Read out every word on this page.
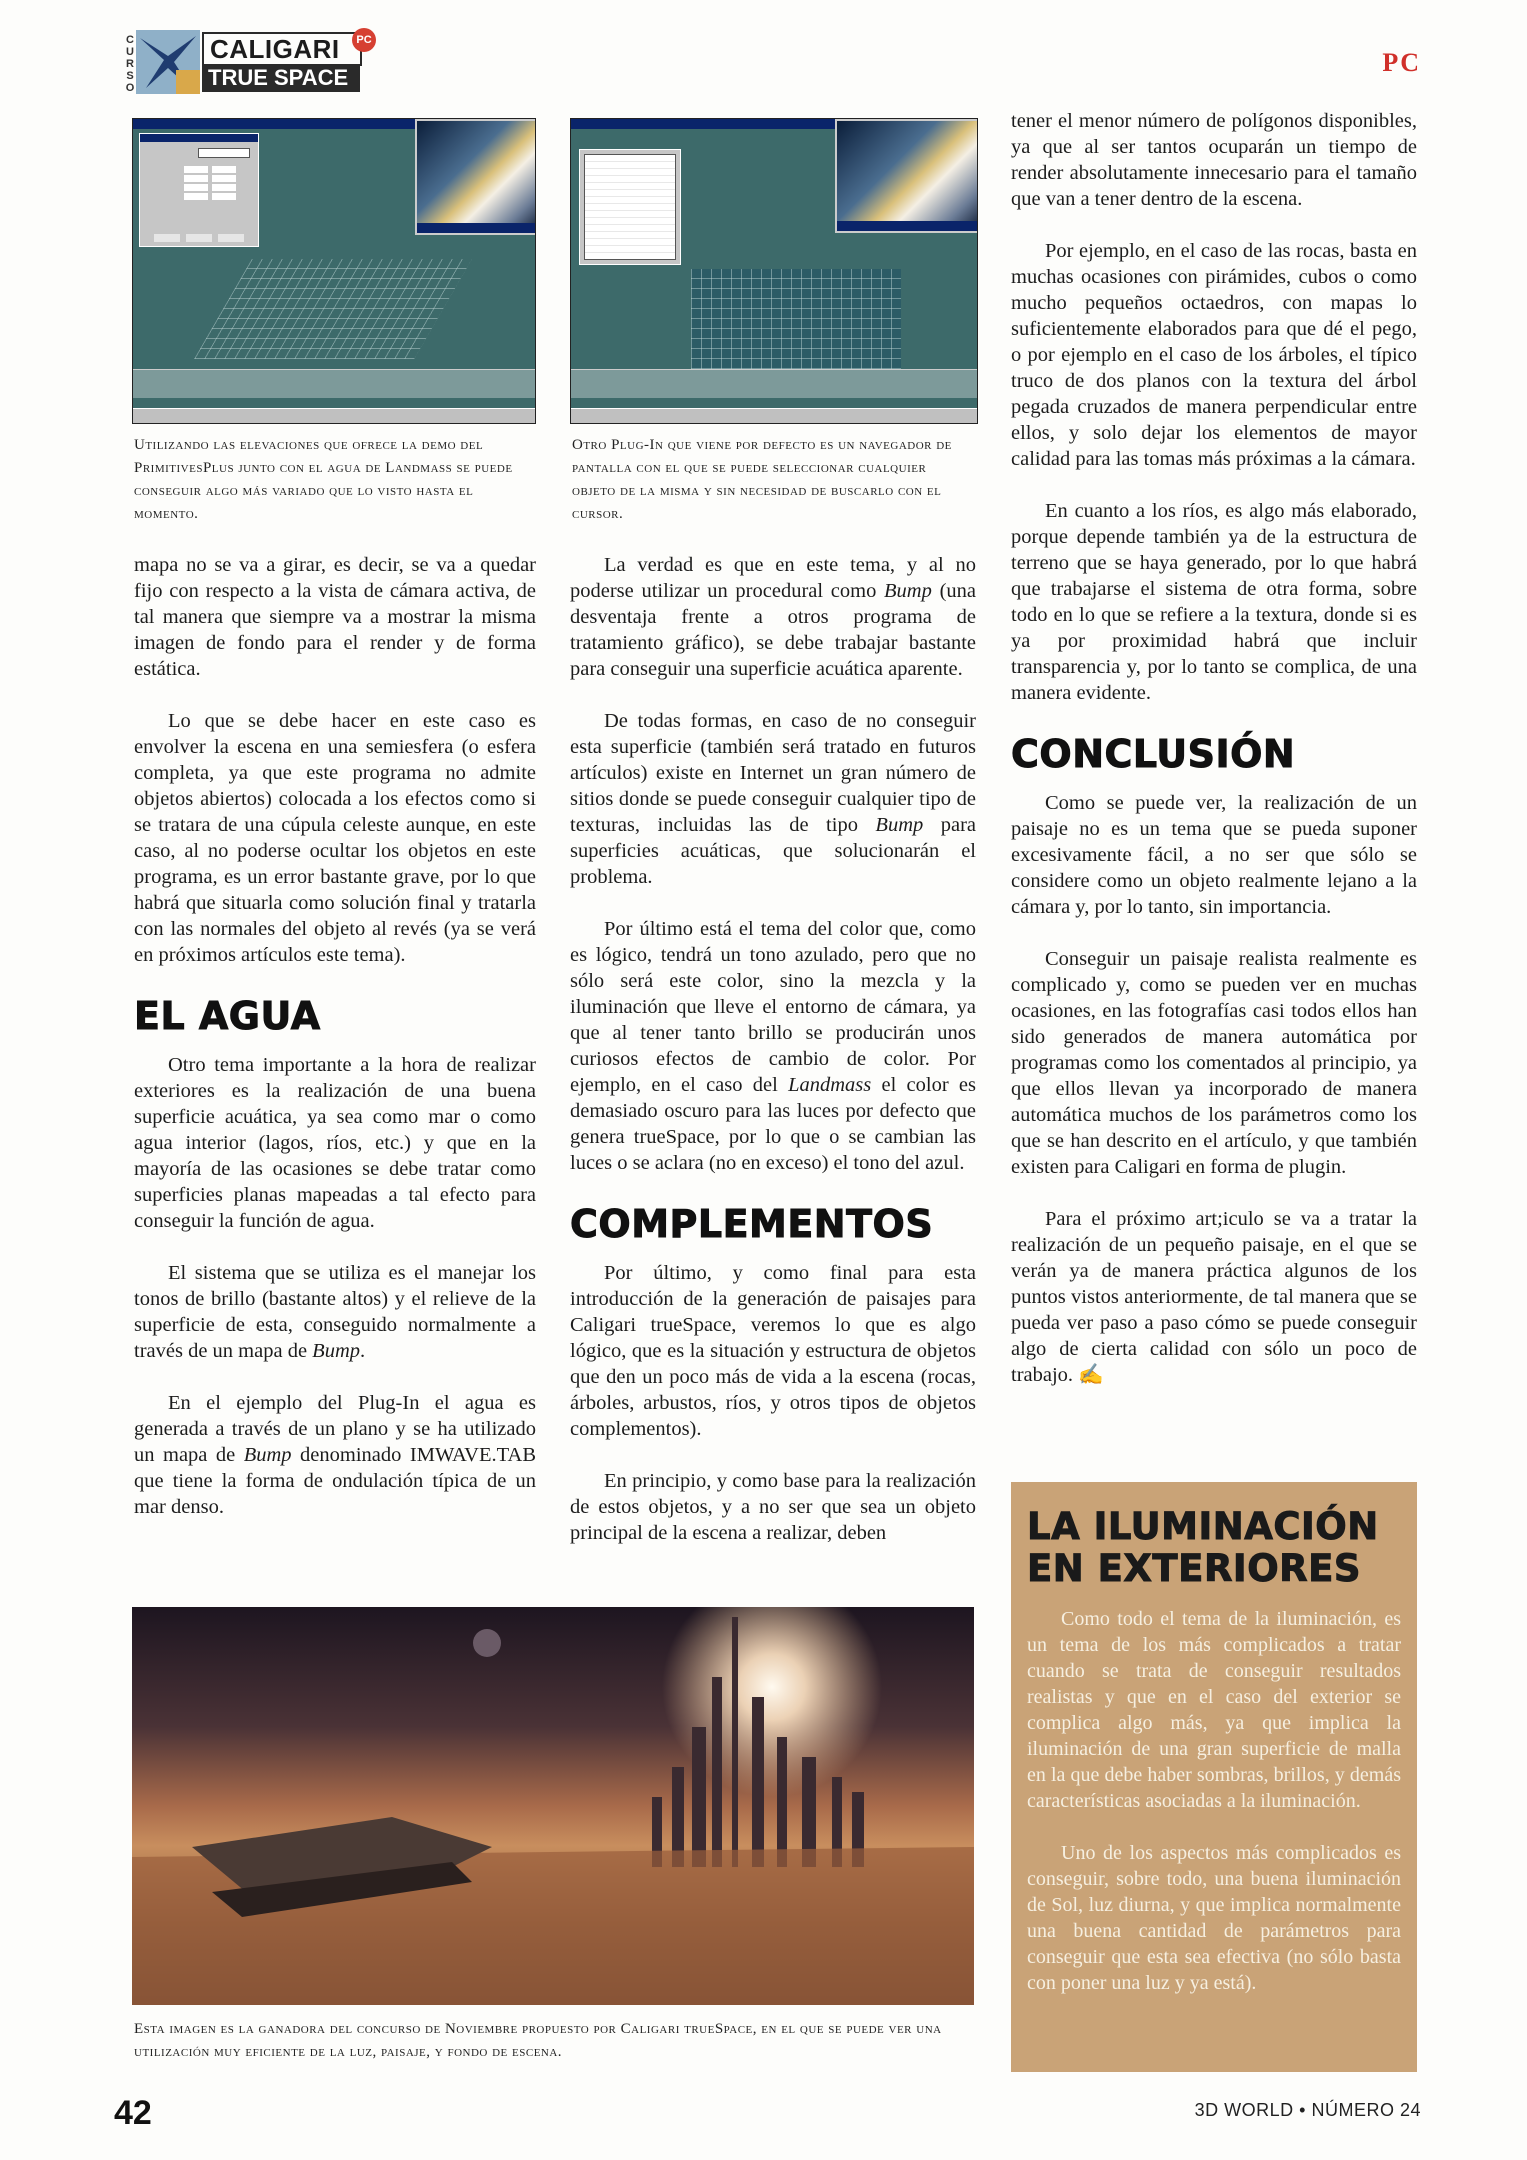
CURSO	CALIGARI
TRUE SPACE
PC
PC

Utilizando las elevaciones que ofrece la demo del PrimitivesPlus junto con el agua de Landmass se puede conseguir algo más variado que lo visto hasta el momento.

Otro Plug-In que viene por defecto es un navegador de pantalla con el que se puede seleccionar cualquier objeto de la misma y sin necesidad de buscarlo con el cursor.

mapa no se va a girar, es decir, se va a quedar fijo con respecto a la vista de cámara activa, de tal manera que siempre va a mostrar la misma imagen de fondo para el render y de forma estática.

Lo que se debe hacer en este caso es envolver la escena en una semiesfera (o esfera completa, ya que este programa no admite objetos abiertos) colocada a los efectos como si se tratara de una cúpula celeste aunque, en este caso, al no poderse ocultar los objetos en este programa, es un error bastante grave, por lo que habrá que situarla como solución final y tratarla con las normales del objeto al revés (ya se verá en próximos artículos este tema).

EL AGUA

Otro tema importante a la hora de realizar exteriores es la realización de una buena superficie acuática, ya sea como mar o como agua interior (lagos, ríos, etc.) y que en la mayoría de las ocasiones se debe tratar como superficies planas mapeadas a tal efecto para conseguir la función de agua.

El sistema que se utiliza es el manejar los tonos de brillo (bastante altos) y el relieve de la superficie de esta, conseguido normalmente a través de un mapa de Bump.

En el ejemplo del Plug-In el agua es generada a través de un plano y se ha utilizado un mapa de Bump denominado IMWAVE.TAB que tiene la forma de ondulación típica de un mar denso.

La verdad es que en este tema, y al no poderse utilizar un procedural como Bump (una desventaja frente a otros programa de tratamiento gráfico), se debe trabajar bastante para conseguir una superficie acuática aparente.

De todas formas, en caso de no conseguir esta superficie (también será tratado en futuros artículos) existe en Internet un gran número de sitios donde se puede conseguir cualquier tipo de texturas, incluidas las de tipo Bump para superficies acuáticas, que solucionarán el problema.

Por último está el tema del color que, como es lógico, tendrá un tono azulado, pero que no sólo será este color, sino la mezcla y la iluminación que lleve el entorno de cámara, ya que al tener tanto brillo se producirán unos curiosos efectos de cambio de color. Por ejemplo, en el caso del Landmass el color es demasiado oscuro para las luces por defecto que genera trueSpace, por lo que o se cambian las luces o se aclara (no en exceso) el tono del azul.

COMPLEMENTOS

Por último, y como final para esta introducción de la generación de paisajes para Caligari trueSpace, veremos lo que es algo lógico, que es la situación y estructura de objetos que den un poco más de vida a la escena (rocas, árboles, arbustos, ríos, y otros tipos de objetos complementos).

En principio, y como base para la realización de estos objetos, y a no ser que sea un objeto principal de la escena a realizar, deben

tener el menor número de polígonos disponibles, ya que al ser tantos ocuparán un tiempo de render absolutamente innecesario para el tamaño que van a tener dentro de la escena.

Por ejemplo, en el caso de las rocas, basta en muchas ocasiones con pirámides, cubos o como mucho pequeños octaedros, con mapas lo suficientemente elaborados para que dé el pego, o por ejemplo en el caso de los árboles, el típico truco de dos planos con la textura del árbol pegada cruzados de manera perpendicular entre ellos, y solo dejar los elementos de mayor calidad para las tomas más próximas a la cámara.

En cuanto a los ríos, es algo más elaborado, porque depende también ya de la estructura de terreno que se haya generado, por lo que habrá que trabajarse el sistema de otra forma, sobre todo en lo que se refiere a la textura, donde si es ya por proximidad habrá que incluir transparencia y, por lo tanto se complica, de una manera evidente.

CONCLUSIÓN

Como se puede ver, la realización de un paisaje no es un tema que se pueda suponer excesivamente fácil, a no ser que sólo se considere como un objeto realmente lejano a la cámara y, por lo tanto, sin importancia.

Conseguir un paisaje realista realmente es complicado y, como se pueden ver en muchas ocasiones, en las fotografías casi todos ellos han sido generados de manera automática por programas como los comentados al principio, ya que ellos llevan ya incorporado de manera automática muchos de los parámetros como los que se han descrito en el artículo, y que también existen para Caligari en forma de plugin.

Para el próximo art;iculo se va a tratar la realización de un pequeño paisaje, en el que se verán ya de manera práctica algunos de los puntos vistos anteriormente, de tal manera que se pueda ver paso a paso cómo se puede conseguir algo de cierta calidad con sólo un poco de trabajo. ✍

Esta imagen es la ganadora del concurso de Noviembre propuesto por Caligari trueSpace, en el que se puede ver una utilización muy eficiente de la luz, paisaje, y fondo de escena.

LA ILUMINACIÓN
EN EXTERIORES

Como todo el tema de la iluminación, es un tema de los más complicados a tratar cuando se trata de conseguir resultados realistas y que en el caso del exterior se complica algo más, ya que implica la iluminación de una gran superficie de malla en la que debe haber sombras, brillos, y demás características asociadas a la iluminación.

Uno de los aspectos más complicados es conseguir, sobre todo, una buena iluminación de Sol, luz diurna, y que implica normalmente una buena cantidad de parámetros para conseguir que esta sea efectiva (no sólo basta con poner una luz y ya está).

42	3D WORLD • NÚMERO 24
